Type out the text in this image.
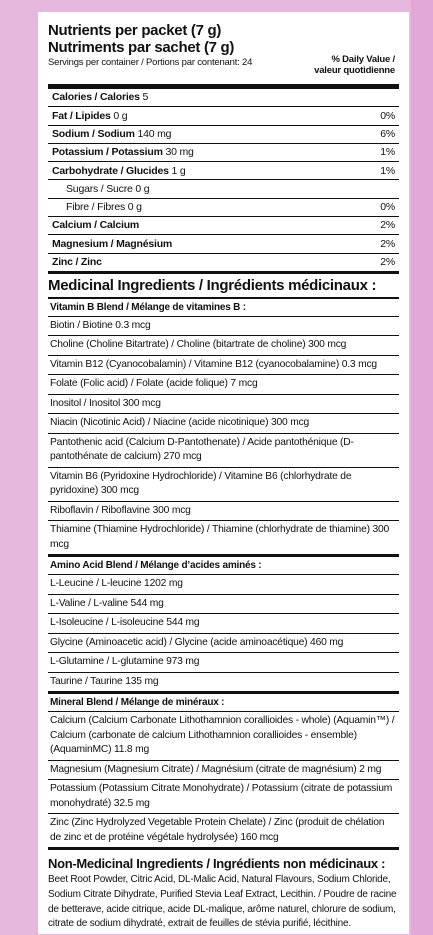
Nutrients per packet (7 g)
Nutriments par sachet (7 g)
Servings per container / Portions par contenant: 24	% Daily Value /
valeur quotidienne
Calories / Calories 5
Fat / Lipides 0 g	0%
Sodium / Sodium 140 mg	6%
Potassium / Potassium 30 mg	1%
Carbohydrate / Glucides 1 g	1%
Sugars / Sucre 0 g
Fibre / Fibres 0 g	0%
Calcium / Calcium	2%
Magnesium / Magnésium	2%
Zinc / Zinc	2%
Medicinal Ingredients / Ingrédients médicinaux :
Vitamin B Blend / Mélange de vitamines B :
Biotin / Biotine 0.3 mcg
Choline (Choline Bitartrate) / Choline (bitartrate de choline) 300 mcg
Vitamin B12 (Cyanocobalamin) / Vitamine B12 (cyanocobalamine) 0.3 mcg
Folate (Folic acid) / Folate (acide folique) 7 mcg
Inositol / Inositol 300 mcg
Niacin (Nicotinic Acid) / Niacine (acide nicotinique) 300 mcg
Pantothenic acid (Calcium D-Pantothenate) / Acide pantothénique (D-pantothénate de calcium) 270 mcg
Vitamin B6 (Pyridoxine Hydrochloride) / Vitamine B6 (chlorhydrate de pyridoxine) 300 mcg
Riboflavin / Riboflavine 300 mcg
Thiamine (Thiamine Hydrochloride) / Thiamine (chlorhydrate de thiamine) 300 mcg
Amino Acid Blend / Mélange d’acides aminés :
L-Leucine / L-leucine 1202 mg
L-Valine / L-valine 544 mg
L-Isoleucine / L-isoleucine 544 mg
Glycine (Aminoacetic acid) / Glycine (acide aminoacétique) 460 mg
L-Glutamine / L-glutamine 973 mg
Taurine / Taurine 135 mg
Mineral Blend / Mélange de minéraux :
Calcium (Calcium Carbonate Lithothamnion corallioides - whole) (Aquamin™) / Calcium (carbonate de calcium Lithothamnion corallioides - ensemble) (AquaminMC) 11.8 mg
Magnesium (Magnesium Citrate) / Magnésium (citrate de magnésium) 2 mg
Potassium (Potassium Citrate Monohydrate) / Potassium (citrate de potassium monohydraté) 32.5 mg
Zinc (Zinc Hydrolyzed Vegetable Protein Chelate) / Zinc (produit de chélation de zinc et de protéine végétale hydrolysée) 160 mcg
Non-Medicinal Ingredients / Ingrédients non médicinaux :
Beet Root Powder, Citric Acid, DL-Malic Acid, Natural Flavours, Sodium Chloride, Sodium Citrate Dihydrate, Purified Stevia Leaf Extract, Lecithin. / Poudre de racine de betterave, acide citrique, acide DL-malique, arôme naturel, chlorure de sodium, citrate de sodium dihydraté, extrait de feuilles de stévia purifié, lécithine.
